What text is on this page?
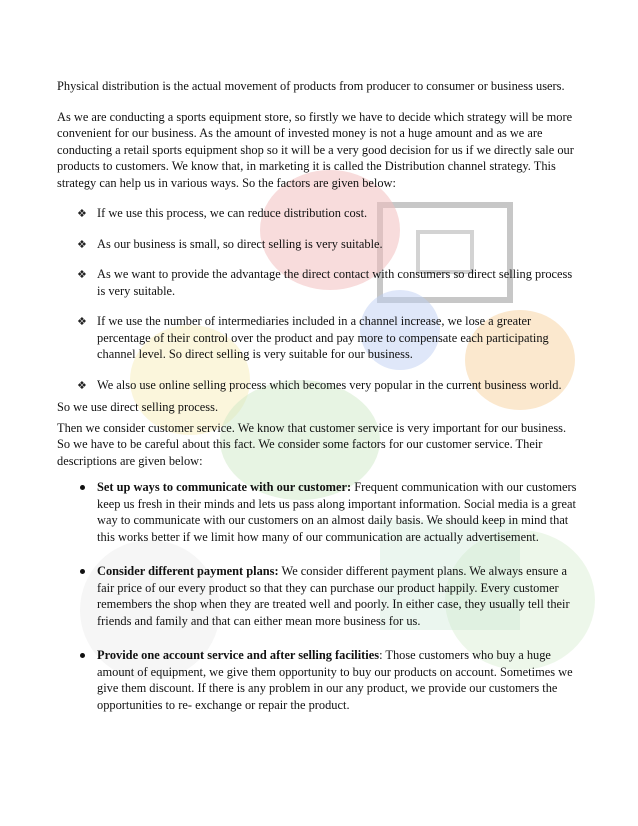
Physical distribution is the actual movement of products from producer to consumer or business users.

As we are conducting a sports equipment store, so firstly we have to decide which strategy will be more convenient for our business. As the amount of invested money is not a huge amount and as we are conducting a retail sports equipment shop so it will be a very good decision for us if we directly sale our products to customers. We know that, in marketing it is called the Distribution channel strategy. This strategy can help us in various ways. So the factors are given below:

❖ If we use this process, we can reduce distribution cost.
❖ As our business is small, so direct selling is very suitable.
❖ As we want to provide the advantage the direct contact with consumers so direct selling process is very suitable.
❖ If we use the number of intermediaries included in a channel increase, we lose a greater percentage of their control over the product and pay more to compensate each participating channel level. So direct selling is very suitable for our business.
❖ We also use online selling process which becomes very popular in the current business world.

So we use direct selling process.

Then we consider customer service. We know that customer service is very important for our business. So we have to be careful about this fact. We consider some factors for our customer service. Their descriptions are given below:

Set up ways to communicate with our customer: Frequent communication with our customers keep us fresh in their minds and lets us pass along important information. Social media is a great way to communicate with our customers on an almost daily basis. We should keep in mind that this works better if we limit how many of our communication are actually advertisement.
Consider different payment plans: We consider different payment plans. We always ensure a fair price of our every product so that they can purchase our product happily. Every customer remembers the shop when they are treated well and poorly. In either case, they usually tell their friends and family and that can either mean more business for us.
Provide one account service and after selling facilities: Those customers who buy a huge amount of equipment, we give them opportunity to buy our products on account. Sometimes we give them discount. If there is any problem in our any product, we provide our customers the opportunities to re- exchange or repair the product.
